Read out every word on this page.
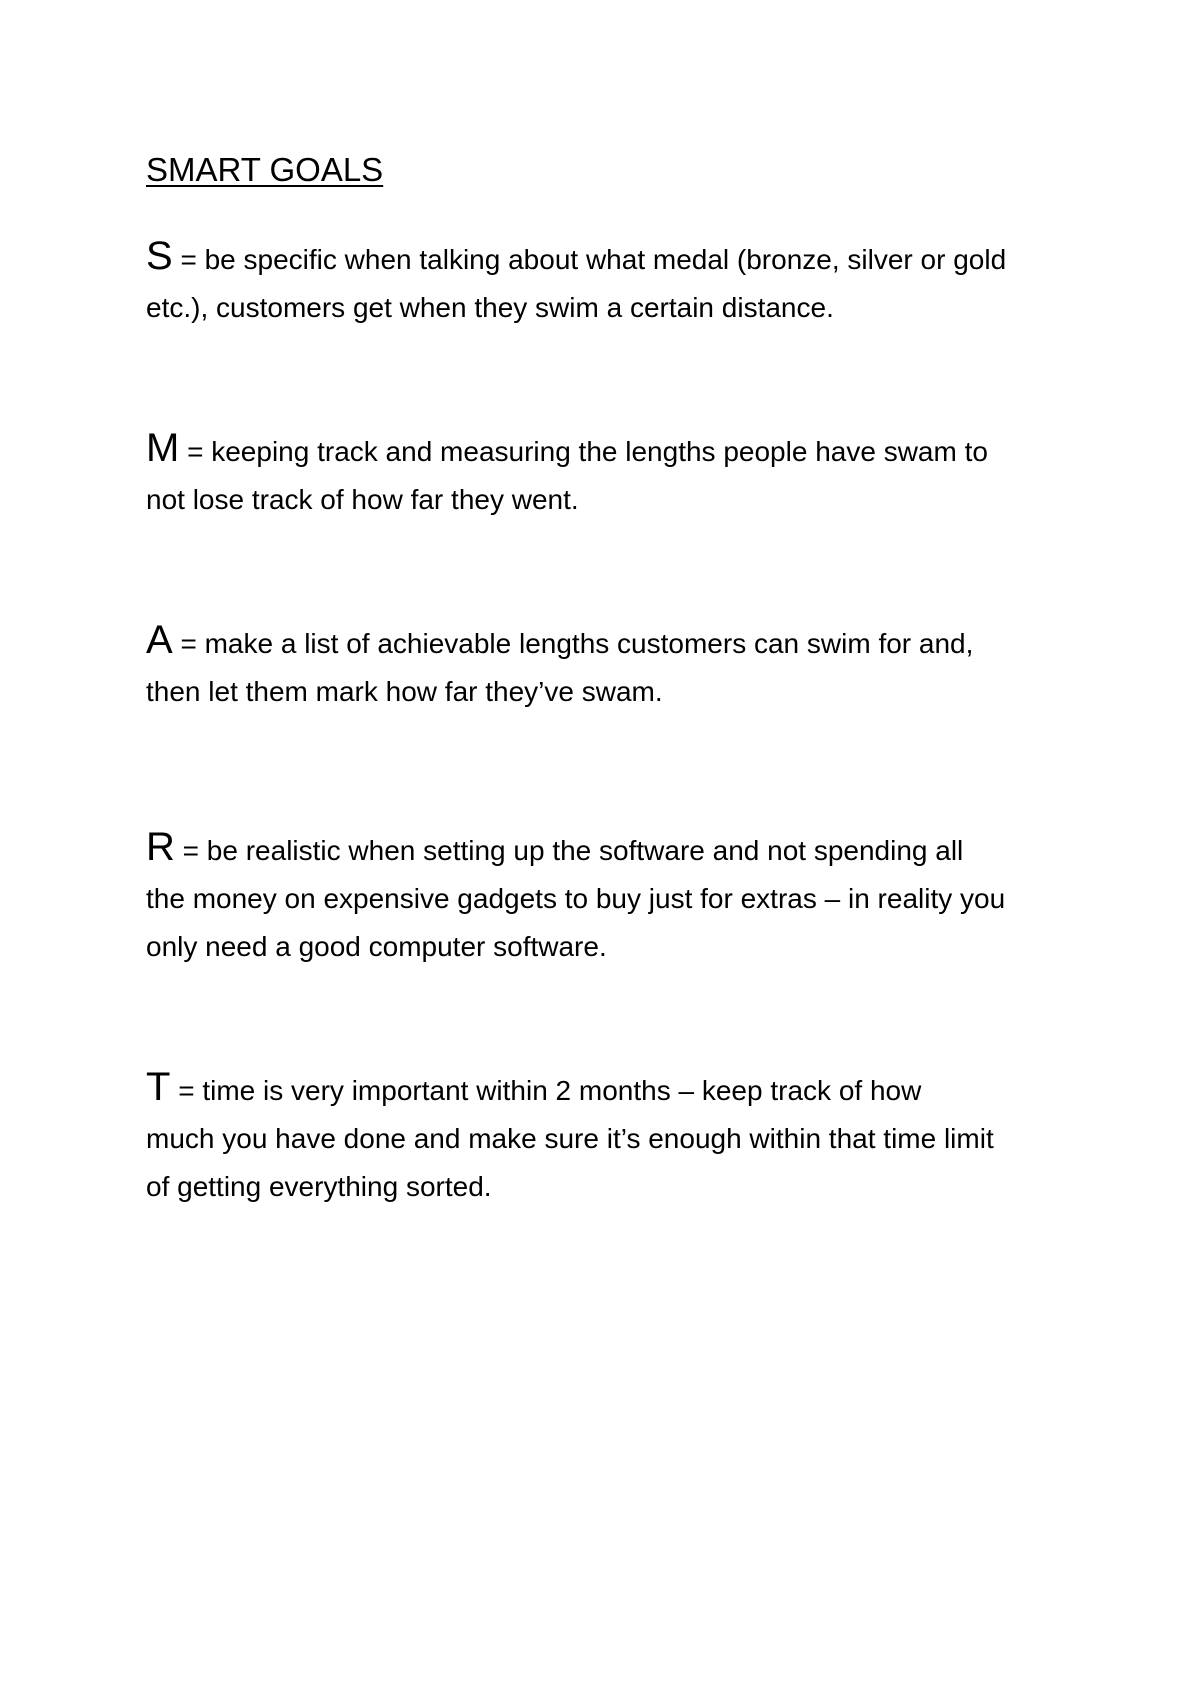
SMART GOALS
S = be specific when talking about what medal (bronze, silver or gold
etc.), customers get when they swim a certain distance.
M = keeping track and measuring the lengths people have swam to
not lose track of how far they went.
A = make a list of achievable lengths customers can swim for and,
then let them mark how far they’ve swam.
R = be realistic when setting up the software and not spending all
the money on expensive gadgets to buy just for extras – in reality you
only need a good computer software.
T = time is very important within 2 months – keep track of how
much you have done and make sure it’s enough within that time limit
of getting everything sorted.
